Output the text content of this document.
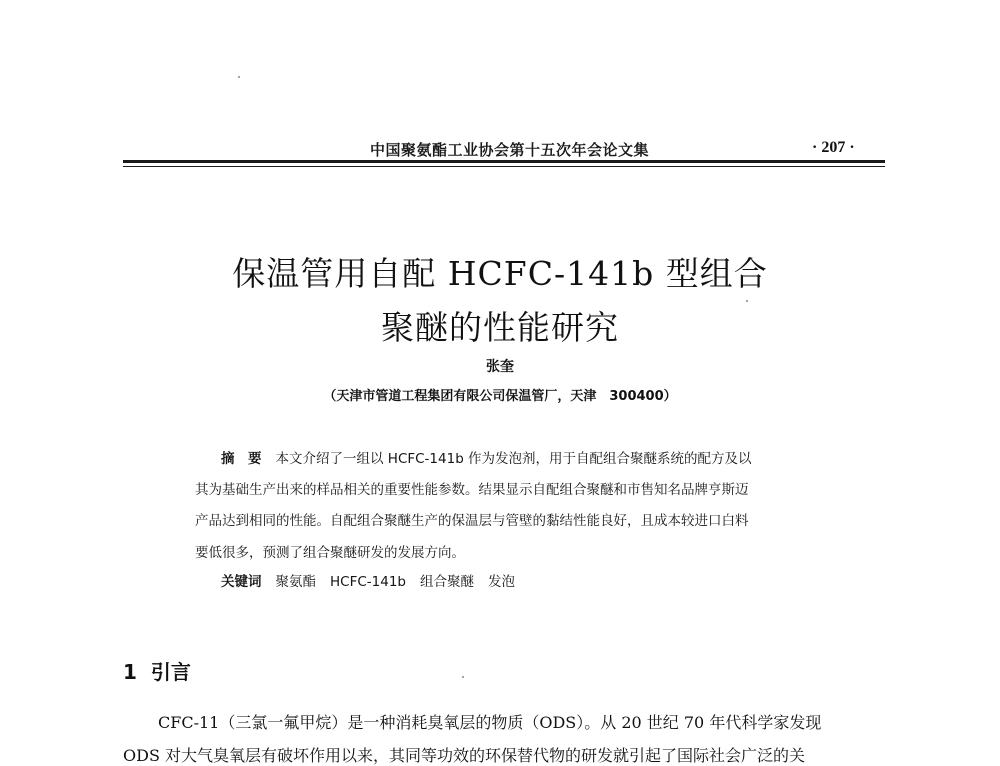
中国聚氨酯工业协会第十五次年会论文集	· 207 ·
保温管用自配 HCFC-141b 型组合
聚醚的性能研究
张奎
（天津市管道工程集团有限公司保温管厂，天津　300400）
摘　要 本文介绍了一组以 HCFC-141b 作为发泡剂，用于自配组合聚醚系统的配方及以
其为基础生产出来的样品相关的重要性能参数。结果显示自配组合聚醚和市售知名品牌亨斯迈
产品达到相同的性能。自配组合聚醚生产的保温层与管壁的黏结性能良好，且成本较进口白料
要低很多，预测了组合聚醚研发的发展方向。
关键词 聚氨酯 HCFC-141b 组合聚醚 发泡
1 引言
CFC-11（三氯一氟甲烷）是一种消耗臭氧层的物质（ODS）。从 20 世纪 70 年代科学家发现
ODS 对大气臭氧层有破坏作用以来，其同等功效的环保替代物的研发就引起了国际社会广泛的关
